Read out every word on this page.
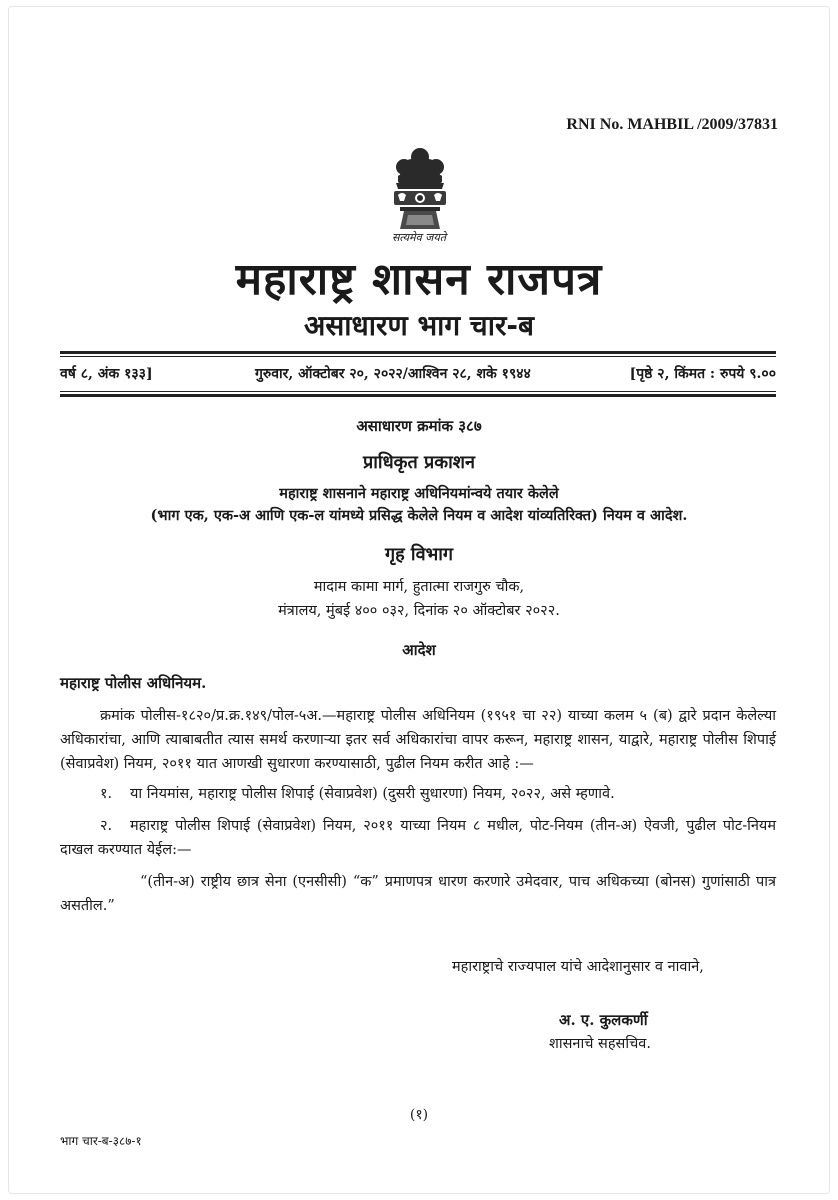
RNI No. MAHBIL /2009/37831
सत्यमेव जयते
महाराष्ट्र शासन राजपत्र
असाधारण भाग चार-ब
वर्ष ८, अंक १३३]	गुरुवार, ऑक्टोबर २०, २०२२/आश्विन २८, शके १९४४	[पृष्ठे २, किंमत : रुपये ९.००
असाधारण क्रमांक ३८७
प्राधिकृत प्रकाशन
महाराष्ट्र शासनाने महाराष्ट्र अधिनियमांन्वये तयार केलेले
(भाग एक, एक-अ आणि एक-ल यांमध्ये प्रसिद्ध केलेले नियम व आदेश यांव्यतिरिक्त) नियम व आदेश.
गृह विभाग
मादाम कामा मार्ग, हुतात्मा राजगुरु चौक,
मंत्रालय, मुंबई ४०० ०३२, दिनांक २० ऑक्टोबर २०२२.
आदेश
महाराष्ट्र पोलीस अधिनियम.
क्रमांक पोलीस-१८२०/प्र.क्र.१४९/पोल-५अ.—महाराष्ट्र पोलीस अधिनियम (१९५१ चा २२) याच्या कलम ५ (ब) द्वारे प्रदान केलेल्या अधिकारांचा, आणि त्याबाबतीत त्यास समर्थ करणाऱ्या इतर सर्व अधिकारांचा वापर करून, महाराष्ट्र शासन, याद्वारे, महाराष्ट्र पोलीस शिपाई (सेवाप्रवेश) नियम, २०११ यात आणखी सुधारणा करण्यासाठी, पुढील नियम करीत आहे :—
१. या नियमांस, महाराष्ट्र पोलीस शिपाई (सेवाप्रवेश) (दुसरी सुधारणा) नियम, २०२२, असे म्हणावे.
२. महाराष्ट्र पोलीस शिपाई (सेवाप्रवेश) नियम, २०११ याच्या नियम ८ मधील, पोट-नियम (तीन-अ) ऐवजी, पुढील पोट-नियम दाखल करण्यात येईल:—
“(तीन-अ) राष्ट्रीय छात्र सेना (एनसीसी) “क” प्रमाणपत्र धारण करणारे उमेदवार, पाच अधिकच्या (बोनस) गुणांसाठी पात्र असतील.”
महाराष्ट्राचे राज्यपाल यांचे आदेशानुसार व नावाने,
अ. ए. कुलकर्णी
शासनाचे सहसचिव.
(१)
भाग चार-ब-३८७-१
